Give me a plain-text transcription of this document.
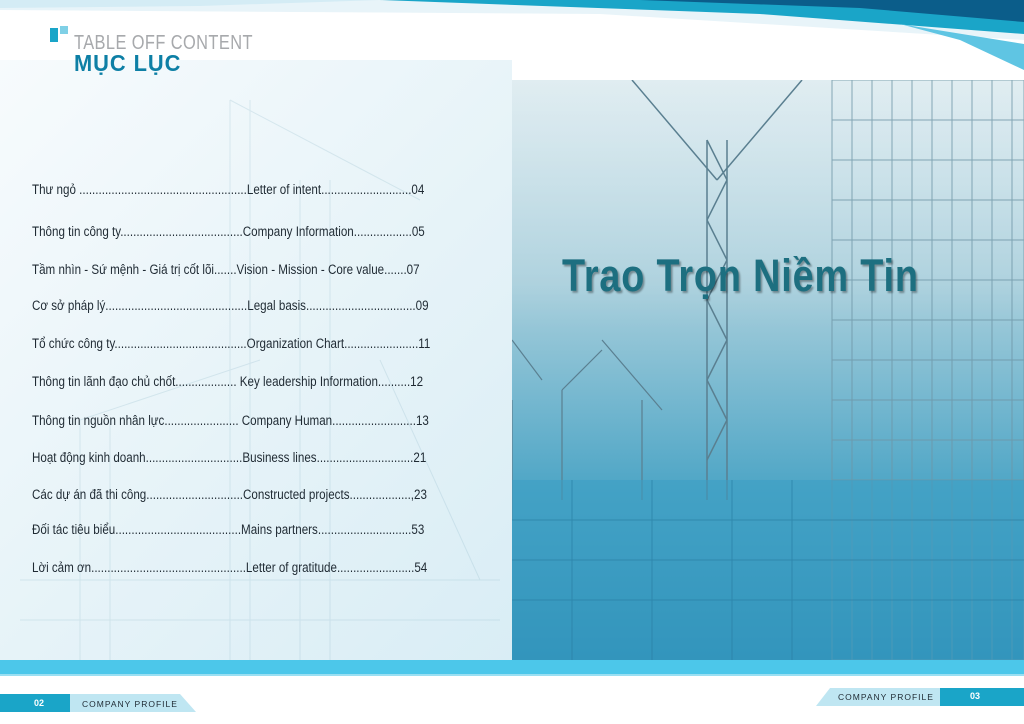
TABLE OFF CONTENT
MỤC LỤC
Thư ngỏ ....................................................Letter of intent............................04
Thông tin công ty......................................Company Information..................05
Tầm nhìn - Sứ mệnh - Giá trị cốt lõi.......Vision - Mission - Core value.......07
Cơ sở pháp lý............................................Legal basis..................................09
Tổ chức công ty.........................................Organization Chart.......................11
Thông tin lãnh đạo chủ chốt................... Key leadership Information..........12
Thông tin nguồn nhân lực....................... Company Human..........................13
Hoạt động kinh doanh..............................Business lines..............................21
Các dự án đã thi công..............................Constructed projects...................,23
Đối tác tiêu biểu.......................................Mains partners.............................53
Lời cảm ơn................................................Letter of gratitude........................54
Trao Trọn Niềm Tin
02	COMPANY PROFILE
COMPANY PROFILE	03
